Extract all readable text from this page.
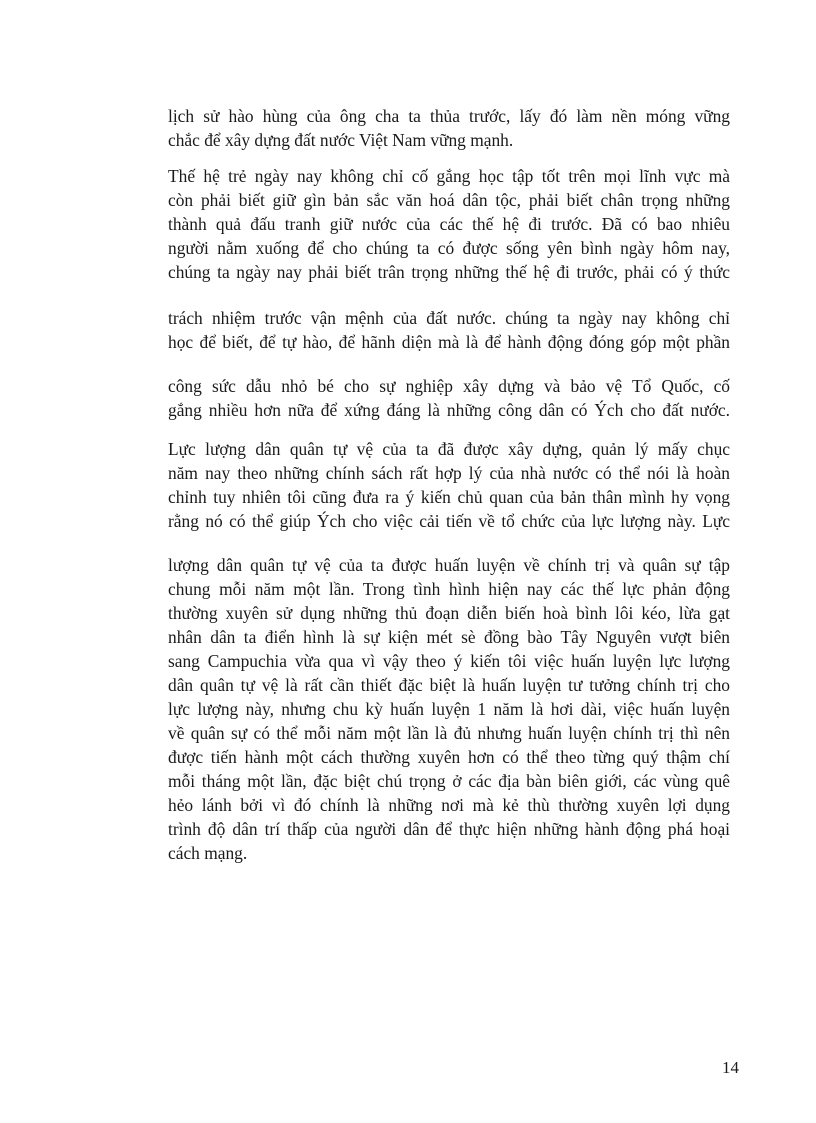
lịch sử hào hùng của ông cha ta thủa trước, lấy đó làm nền móng vững
chắc để xây dựng đất nước Việt Nam vững mạnh.
Thế hệ trẻ ngày nay không chỉ cố gắng học tập tốt trên mọi lĩnh vực mà
còn phải biết giữ gìn bản sắc văn hoá dân tộc, phải biết chân trọng những
thành quả đấu tranh giữ nước của các thế hệ đi trước. Đã có bao nhiêu
người nằm xuống để cho chúng ta có được sống yên bình ngày hôm nay,
chúng ta ngày nay phải biết trân trọng những thế hệ đi trước, phải có ý thức
trách nhiệm trước vận mệnh của đất nước. chúng ta ngày nay không chỉ
học để biết, để tự hào, để hãnh diện mà là để hành động đóng góp một phần
công sức dẫu nhỏ bé cho sự nghiệp xây dựng và bảo vệ Tổ Quốc, cố
gắng nhiều hơn nữa để xứng đáng là những công dân có Ých cho đất nước.
Lực lượng dân quân tự vệ của ta đã được xây dựng, quản lý mấy chục
năm nay theo những chính sách rất hợp lý của nhà nước có thể nói là hoàn
chỉnh tuy nhiên tôi cũng đưa ra ý kiến chủ quan của bản thân mình hy vọng
rằng nó có thể giúp Ých cho việc cải tiến về tổ chức của lực lượng này. Lực
lượng dân quân tự vệ của ta được huấn luyện về chính trị và quân sự tập
chung mỗi năm một lần. Trong tình hình hiện nay các thế lực phản động
thường xuyên sử dụng những thủ đoạn diễn biến hoà bình lôi kéo, lừa gạt
nhân dân ta điển hình là sự kiện mét sè đồng bào Tây Nguyên vượt biên
sang Campuchia vừa qua vì vậy theo ý kiến tôi việc huấn luyện lực lượng
dân quân tự vệ là rất cần thiết đặc biệt là huấn luyện tư tưởng chính trị cho
lực lượng này, nhưng chu kỳ huấn luyện 1 năm là hơi dài, việc huấn luyện
về quân sự có thể mỗi năm một lần là đủ nhưng huấn luyện chính trị thì nên
được tiến hành một cách thường xuyên hơn có thể theo từng quý thậm chí
mỗi tháng một lần, đặc biệt chú trọng ở các địa bàn biên giới, các vùng quê
hẻo lánh bởi vì đó chính là những nơi mà kẻ thù thường xuyên lợi dụng
trình độ dân trí thấp của người dân để thực hiện những hành động phá hoại
cách mạng.
14
